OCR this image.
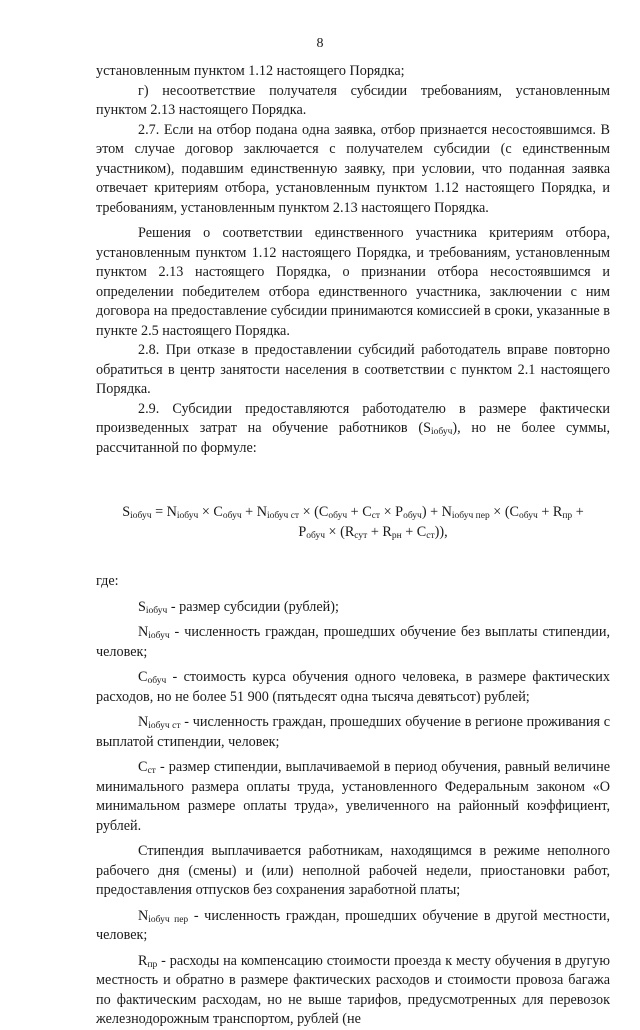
8

установленным пунктом 1.12 настоящего Порядка;

г) несоответствие получателя субсидии требованиям, установленным пунктом 2.13 настоящего Порядка.

2.7. Если на отбор подана одна заявка, отбор признается несостоявшимся. В этом случае договор заключается с получателем субсидии (с единственным участником), подавшим единственную заявку, при условии, что поданная заявка отвечает критериям отбора, установленным пунктом 1.12 настоящего Порядка, и требованиям, установленным пунктом 2.13 настоящего Порядка.

Решения о соответствии единственного участника критериям отбора, установленным пунктом 1.12 настоящего Порядка, и требованиям, установленным пунктом 2.13 настоящего Порядка, о признании отбора несостоявшимся и определении победителем отбора единственного участника, заключении с ним договора на предоставление субсидии принимаются комиссией в сроки, указанные в пункте 2.5 настоящего Порядка.

2.8. При отказе в предоставлении субсидий работодатель вправе повторно обратиться в центр занятости населения в соответствии с пунктом 2.1 настоящего Порядка.

2.9. Субсидии предоставляются работодателю в размере фактически произведенных затрат на обучение работников $(S_{iобуч})$, но не более суммы, рассчитанной по формуле:

$S_{iобуч} = N_{iобуч} \times C_{обуч} + N_{iобуч ст} \times (C_{обуч} + C_{ст} \times P_{обуч}) + N_{iобуч пер} \times (C_{обуч} + R_{пр}$ +
$P_{обуч} \times (R_{сут} + R_{рн} + C_{ст})$),

где:

$S_{iобуч}$ - размер субсидии (рублей);

$N_{iобуч}$ - численность граждан, прошедших обучение без выплаты стипендии, человек;

$C_{обуч}$ - стоимость курса обучения одного человека, в размере фактических расходов, но не более 51 900 (пятьдесят одна тысяча девятьсот) рублей;

$N_{iобуч ст}$ - численность граждан, прошедших обучение в регионе проживания с выплатой стипендии, человек;

$C_{ст}$ - размер стипендии, выплачиваемой в период обучения, равный величине минимального размера оплаты труда, установленного Федеральным законом «О минимальном размере оплаты труда», увеличенного на районный коэффициент, рублей.

Стипендия выплачивается работникам, находящимся в режиме неполного рабочего дня (смены) и (или) неполной рабочей недели, приостановки работ, предоставления отпусков без сохранения заработной платы;

$N_{iобуч пер}$ - численность граждан, прошедших обучение в другой местности, человек;

$R_{пр}$ - расходы на компенсацию стоимости проезда к месту обучения в другую местность и обратно в размере фактических расходов и стоимости провоза багажа по фактическим расходам, но не выше тарифов, предусмотренных для перевозок железнодорожным транспортом, рублей (не
